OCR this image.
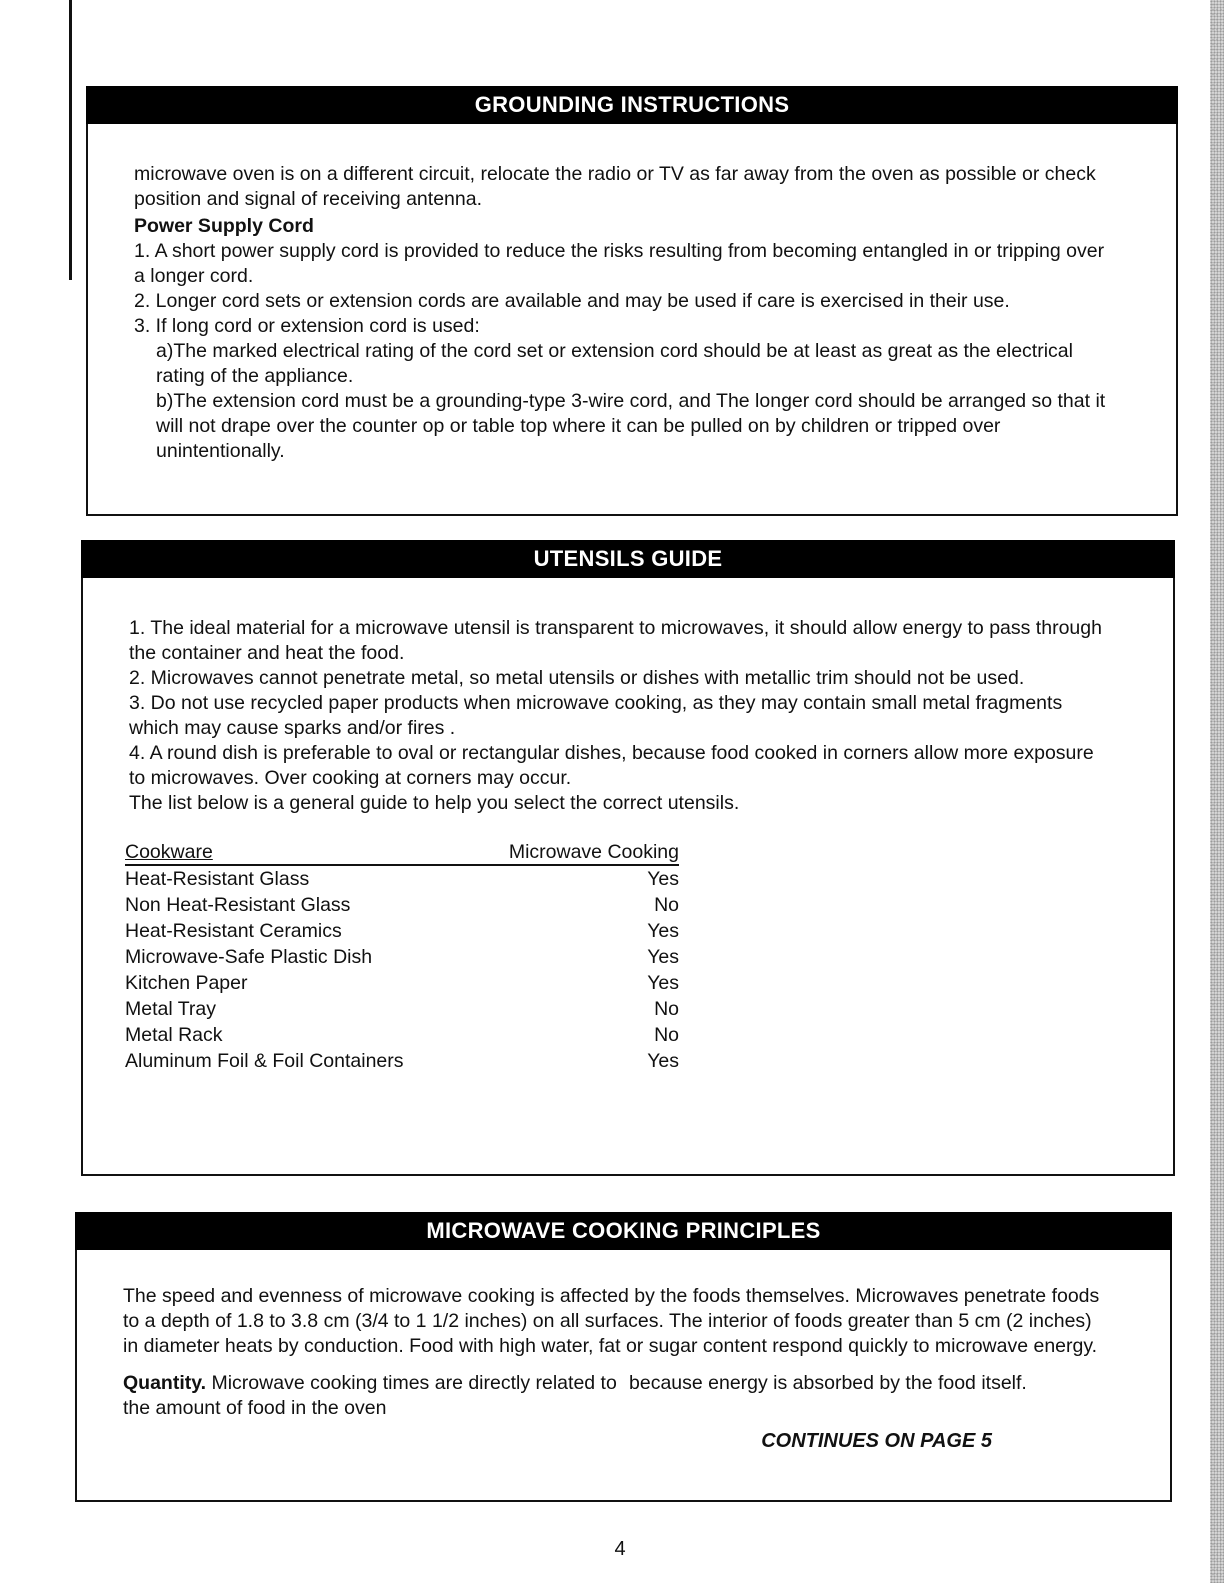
GROUNDING INSTRUCTIONS

microwave oven is on a different circuit, relocate the radio or TV as far away from the oven as possible or check position and signal of receiving antenna.

Power Supply Cord

1. A short power supply cord is provided to reduce the risks resulting from becoming entangled in or tripping over a longer cord.

2. Longer cord sets or extension cords are available and may be used if care is exercised in their use.

3. If long cord or extension cord is used:

a)The marked electrical rating of the cord set or extension cord should be at least as great as the electrical rating of the appliance.

b)The extension cord must be a grounding-type 3-wire cord, and The longer cord should be arranged so that it will not drape over the counter op or table top where it can be pulled on by children or tripped over unintentionally.

UTENSILS GUIDE

1. The ideal material for a microwave utensil is transparent to microwaves, it should allow energy to pass through the container and heat the food.

2. Microwaves cannot penetrate metal, so metal utensils or dishes with metallic trim should not be used.

3. Do not use recycled paper products when microwave cooking, as they may contain small metal fragments which may cause sparks and/or fires .

4. A round dish is preferable to oval or rectangular dishes, because food cooked in corners allow more exposure to microwaves. Over cooking at corners may occur.

The list below is a general guide to help you select the correct utensils.

Cookware	Microwave Cooking
Heat-Resistant Glass	Yes
Non Heat-Resistant Glass	No
Heat-Resistant Ceramics	Yes
Microwave-Safe Plastic Dish	Yes
Kitchen Paper	Yes
Metal Tray	No
Metal Rack	No
Aluminum Foil & Foil Containers	Yes
MICROWAVE COOKING PRINCIPLES

The speed and evenness of microwave cooking is affected by the foods themselves. Microwaves penetrate foods to a depth of 1.8 to 3.8 cm (3/4 to 1 1/2 inches) on all surfaces. The interior of foods greater than 5 cm (2 inches) in diameter heats by conduction. Food with high water, fat or sugar content respond quickly to microwave energy.

Quantity. Microwave cooking times are directly related to the amount of food in the oven
because energy is absorbed by the food itself.
CONTINUES ON PAGE 5
4
